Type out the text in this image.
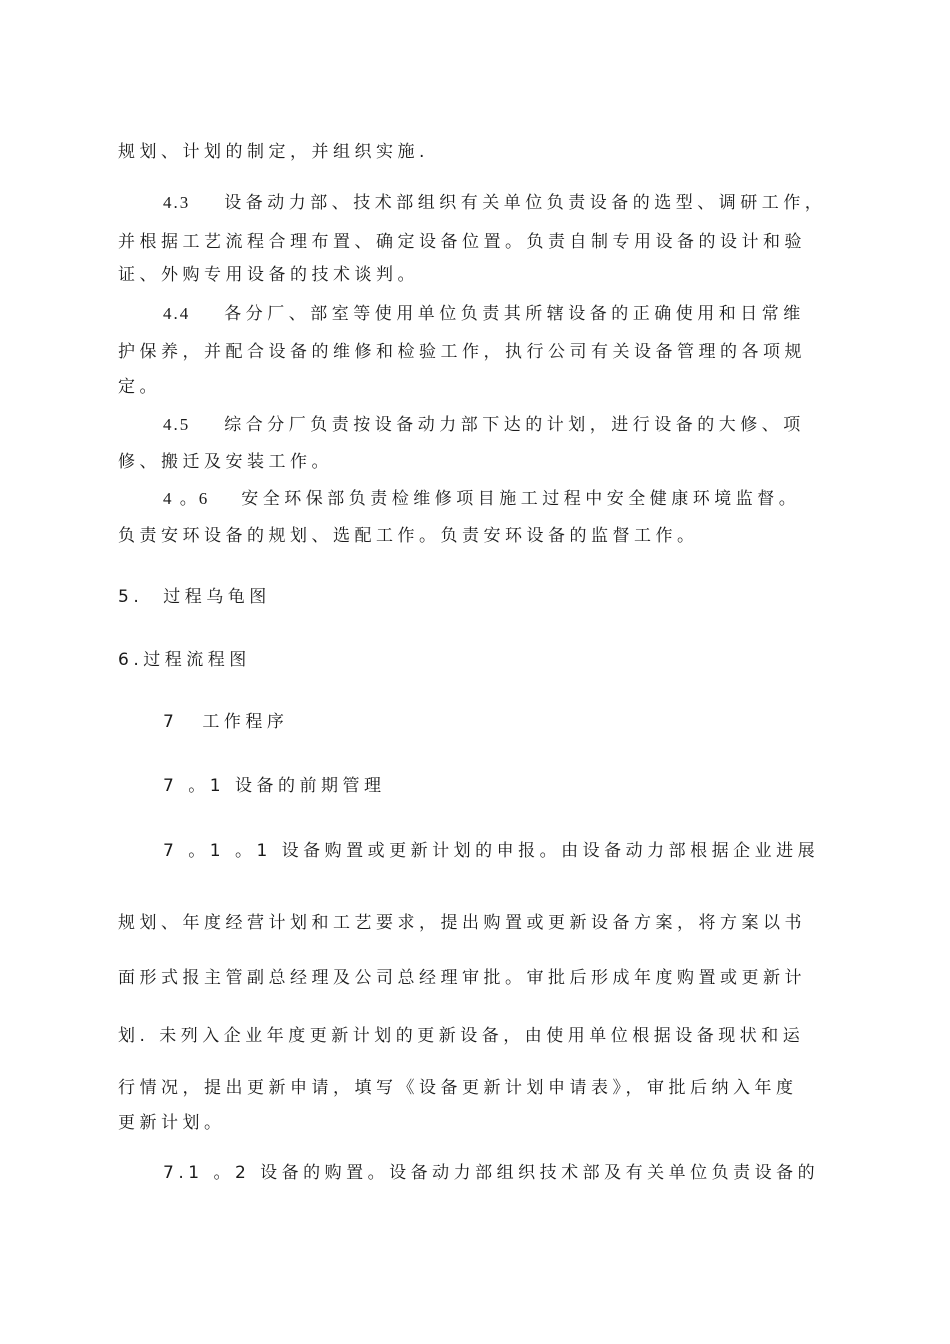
规划、计划的制定，并组织实施.
4.3 设备动力部、技术部组织有关单位负责设备的选型、调研工作，
并根据工艺流程合理布置、确定设备位置。负责自制专用设备的设计和验
证、外购专用设备的技术谈判。
4.4 各分厂、部室等使用单位负责其所辖设备的正确使用和日常维
护保养，并配合设备的维修和检验工作，执行公司有关设备管理的各项规
定。
4.5 综合分厂负责按设备动力部下达的计划，进行设备的大修、项
修、搬迁及安装工作。
4 。6 安全环保部负责检维修项目施工过程中安全健康环境监督。
负责安环设备的规划、选配工作。负责安环设备的监督工作。
5. 过程乌龟图
6.过程流程图
7 工作程序
7 。1 设备的前期管理
7 。1 。1 设备购置或更新计划的申报。由设备动力部根据企业进展
规划、年度经营计划和工艺要求，提出购置或更新设备方案，将方案以书
面形式报主管副总经理及公司总经理审批。审批后形成年度购置或更新计
划. 未列入企业年度更新计划的更新设备，由使用单位根据设备现状和运
行情况，提出更新申请，填写《设备更新计划申请表》，审批后纳入年度
更新计划。
7.1 。2 设备的购置。设备动力部组织技术部及有关单位负责设备的
